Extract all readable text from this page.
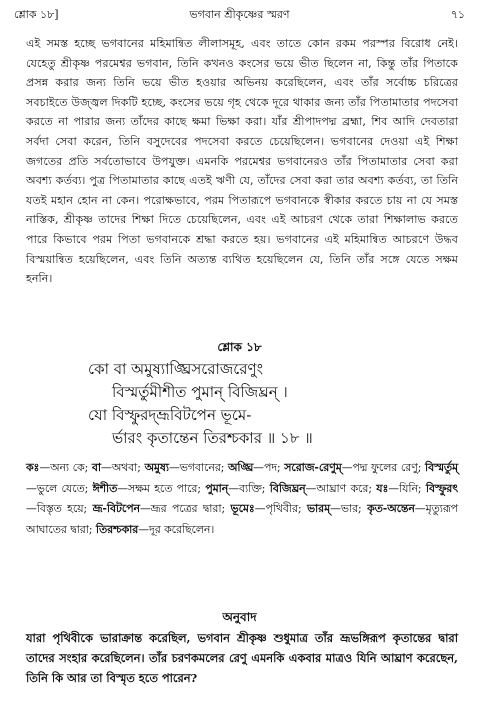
শ্লোক ১৮]	ভগবান শ্রীকৃষ্ণের স্মরণ	৭১

এই সমস্ত হচ্ছে ভগবানের মহিমান্বিত লীলাসমূহ, এবং তাতে কোন রকম পরস্পর বিরোধ নেই। যেহেতু শ্রীকৃষ্ণ পরমেশ্বর ভগবান, তিনি কখনও কংসের ভয়ে ভীত ছিলেন না, কিন্তু তাঁর পিতাকে প্রসন্ন করার জন্য তিনি ভয়ে ভীত হওয়ার অভিনয় করেছিলেন, এবং তাঁর সর্বোচ্চ চরিত্রের সবচাইতে উজ্জ্বল দিকটি হচ্ছে, কংসের ভয়ে গৃহ থেকে দূরে থাকার জন্য তাঁর পিতামাতার পদসেবা করতে না পারার জন্য তাঁদের কাছে ক্ষমা ভিক্ষা করা। যাঁর শ্রীপাদপদ্ম ব্রহ্মা, শিব আদি দেবতারা সর্বদা সেবা করেন, তিনি বসুদেবের পদসেবা করতে চেয়েছিলেন। ভগবানের দেওয়া এই শিক্ষা জগতের প্রতি সর্বতোভাবে উপযুক্ত। এমনকি পরমেশ্বর ভগবানেরও তাঁর পিতামাতার সেবা করা অবশ্য কর্তব্য। পুত্র পিতামাতার কাছে এতই ঋণী যে, তাঁদের সেবা করা তার অবশ্য কর্তব্য, তা তিনি যতই মহান হোন না কেন। পরোক্ষভাবে, পরম পিতারূপে ভগবানকে স্বীকার করতে চায় না যে সমস্ত নাস্তিক, শ্রীকৃষ্ণ তাদের শিক্ষা দিতে চেয়েছিলেন, এবং এই আচরণ থেকে তারা শিক্ষালাভ করতে পারে কিভাবে পরম পিতা ভগবানকে শ্রদ্ধা করতে হয়। ভগবানের এই মহিমান্বিত আচরণে উদ্ধব বিস্ময়ান্বিত হয়েছিলেন, এবং তিনি অত্যন্ত ব্যথিত হয়েছিলেন যে, তিনি তাঁর সঙ্গে যেতে সক্ষম হননি।

শ্লোক ১৮
কো বা অমুষ্যাঙ্ঘ্রিসরোজরেণুং
বিস্মর্তুমীশীত পুমান্ বিজিঘ্রন্ ।
যো বিস্ফুরদ্ভ্রূবিটপেন ভূমে-
র্ভারং কৃতান্তেন তিরশ্চকার ॥ ১৮ ॥

কঃ—অন্য কে; বা—অথবা; অমুষ্য—ভগবানের; অঙ্ঘ্রি—পদ; সরোজ-রেণুম্—পদ্ম ফুলের রেণু; বিস্মর্তুম্—ভুলে যেতে; ঈশীত—সক্ষম হতে পারে; পুমান্—ব্যক্তি; বিজিঘ্রন্—আঘ্রাণ করে; যঃ—যিনি; বিস্ফুরৎ—বিস্তৃত হয়ে; ভ্রূ-বিটপেন—ভ্রূর পত্রের দ্বারা; ভূমেঃ—পৃথিবীর; ভারম্—ভার; কৃত-অন্তেন—মৃত্যুরূপ আঘাতের দ্বারা; তিরশ্চকার—দূর করেছিলেন।

অনুবাদ

যারা পৃথিবীকে ভারাক্রান্ত করেছিল, ভগবান শ্রীকৃষ্ণ শুধুমাত্র তাঁর ভ্রূভঙ্গিরূপ কৃতান্তের দ্বারা তাদের সংহার করেছিলেন। তাঁর চরণকমলের রেণু এমনকি একবার মাত্রও যিনি আঘ্রাণ করেছেন, তিনি কি আর তা বিস্মৃত হতে পারেন?
